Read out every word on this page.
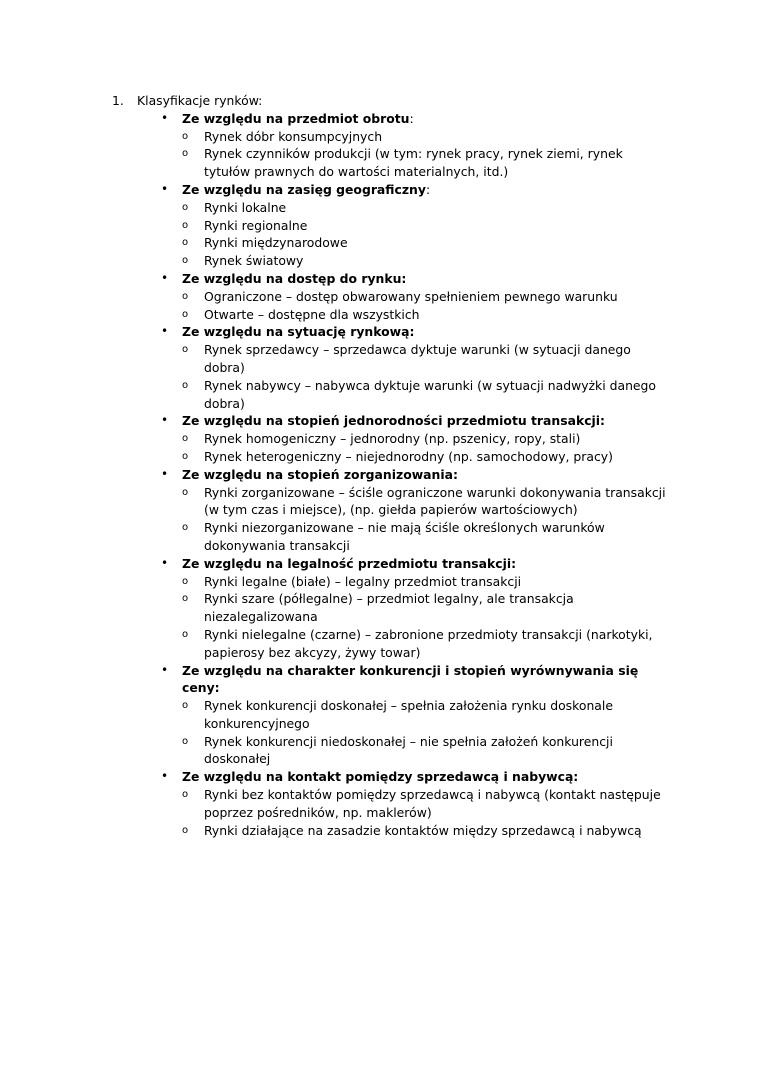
1. Klasyfikacje rynków:
• Ze względu na przedmiot obrotu:
o	Rynek dóbr konsumpcyjnych
o	Rynek czynników produkcji (w tym: rynek pracy, rynek ziemi, rynek tytułów prawnych do wartości materialnych, itd.)
• Ze względu na zasięg geograficzny:
o	Rynki lokalne
o	Rynki regionalne
o	Rynki międzynarodowe
o	Rynek światowy
• Ze względu na dostęp do rynku:
o	Ograniczone – dostęp obwarowany spełnieniem pewnego warunku
o	Otwarte – dostępne dla wszystkich
• Ze względu na sytuację rynkową:
o	Rynek sprzedawcy – sprzedawca dyktuje warunki (w sytuacji danego dobra)
o	Rynek nabywcy – nabywca dyktuje warunki (w sytuacji nadwyżki danego dobra)
• Ze względu na stopień jednorodności przedmiotu transakcji:
o	Rynek homogeniczny – jednorodny (np. pszenicy, ropy, stali)
o	Rynek heterogeniczny – niejednorodny (np. samochodowy, pracy)
• Ze względu na stopień zorganizowania:
o	Rynki zorganizowane – ściśle ograniczone warunki dokonywania transakcji (w tym czas i miejsce), (np. giełda papierów wartościowych)
o	Rynki niezorganizowane – nie mają ściśle określonych warunków dokonywania transakcji
• Ze względu na legalność przedmiotu transakcji:
o	Rynki legalne (białe) – legalny przedmiot transakcji
o	Rynki szare (półlegalne) – przedmiot legalny, ale transakcja niezalegalizowana
o	Rynki nielegalne (czarne) – zabronione przedmioty transakcji (narkotyki, papierosy bez akcyzy, żywy towar)
• Ze względu na charakter konkurencji i stopień wyrównywania się ceny:
o	Rynek konkurencji doskonałej – spełnia założenia rynku doskonale konkurencyjnego
o	Rynek konkurencji niedoskonałej – nie spełnia założeń konkurencji doskonałej
• Ze względu na kontakt pomiędzy sprzedawcą i nabywcą:
o	Rynki bez kontaktów pomiędzy sprzedawcą i nabywcą (kontakt następuje poprzez pośredników, np. maklerów)
o	Rynki działające na zasadzie kontaktów między sprzedawcą i nabywcą
